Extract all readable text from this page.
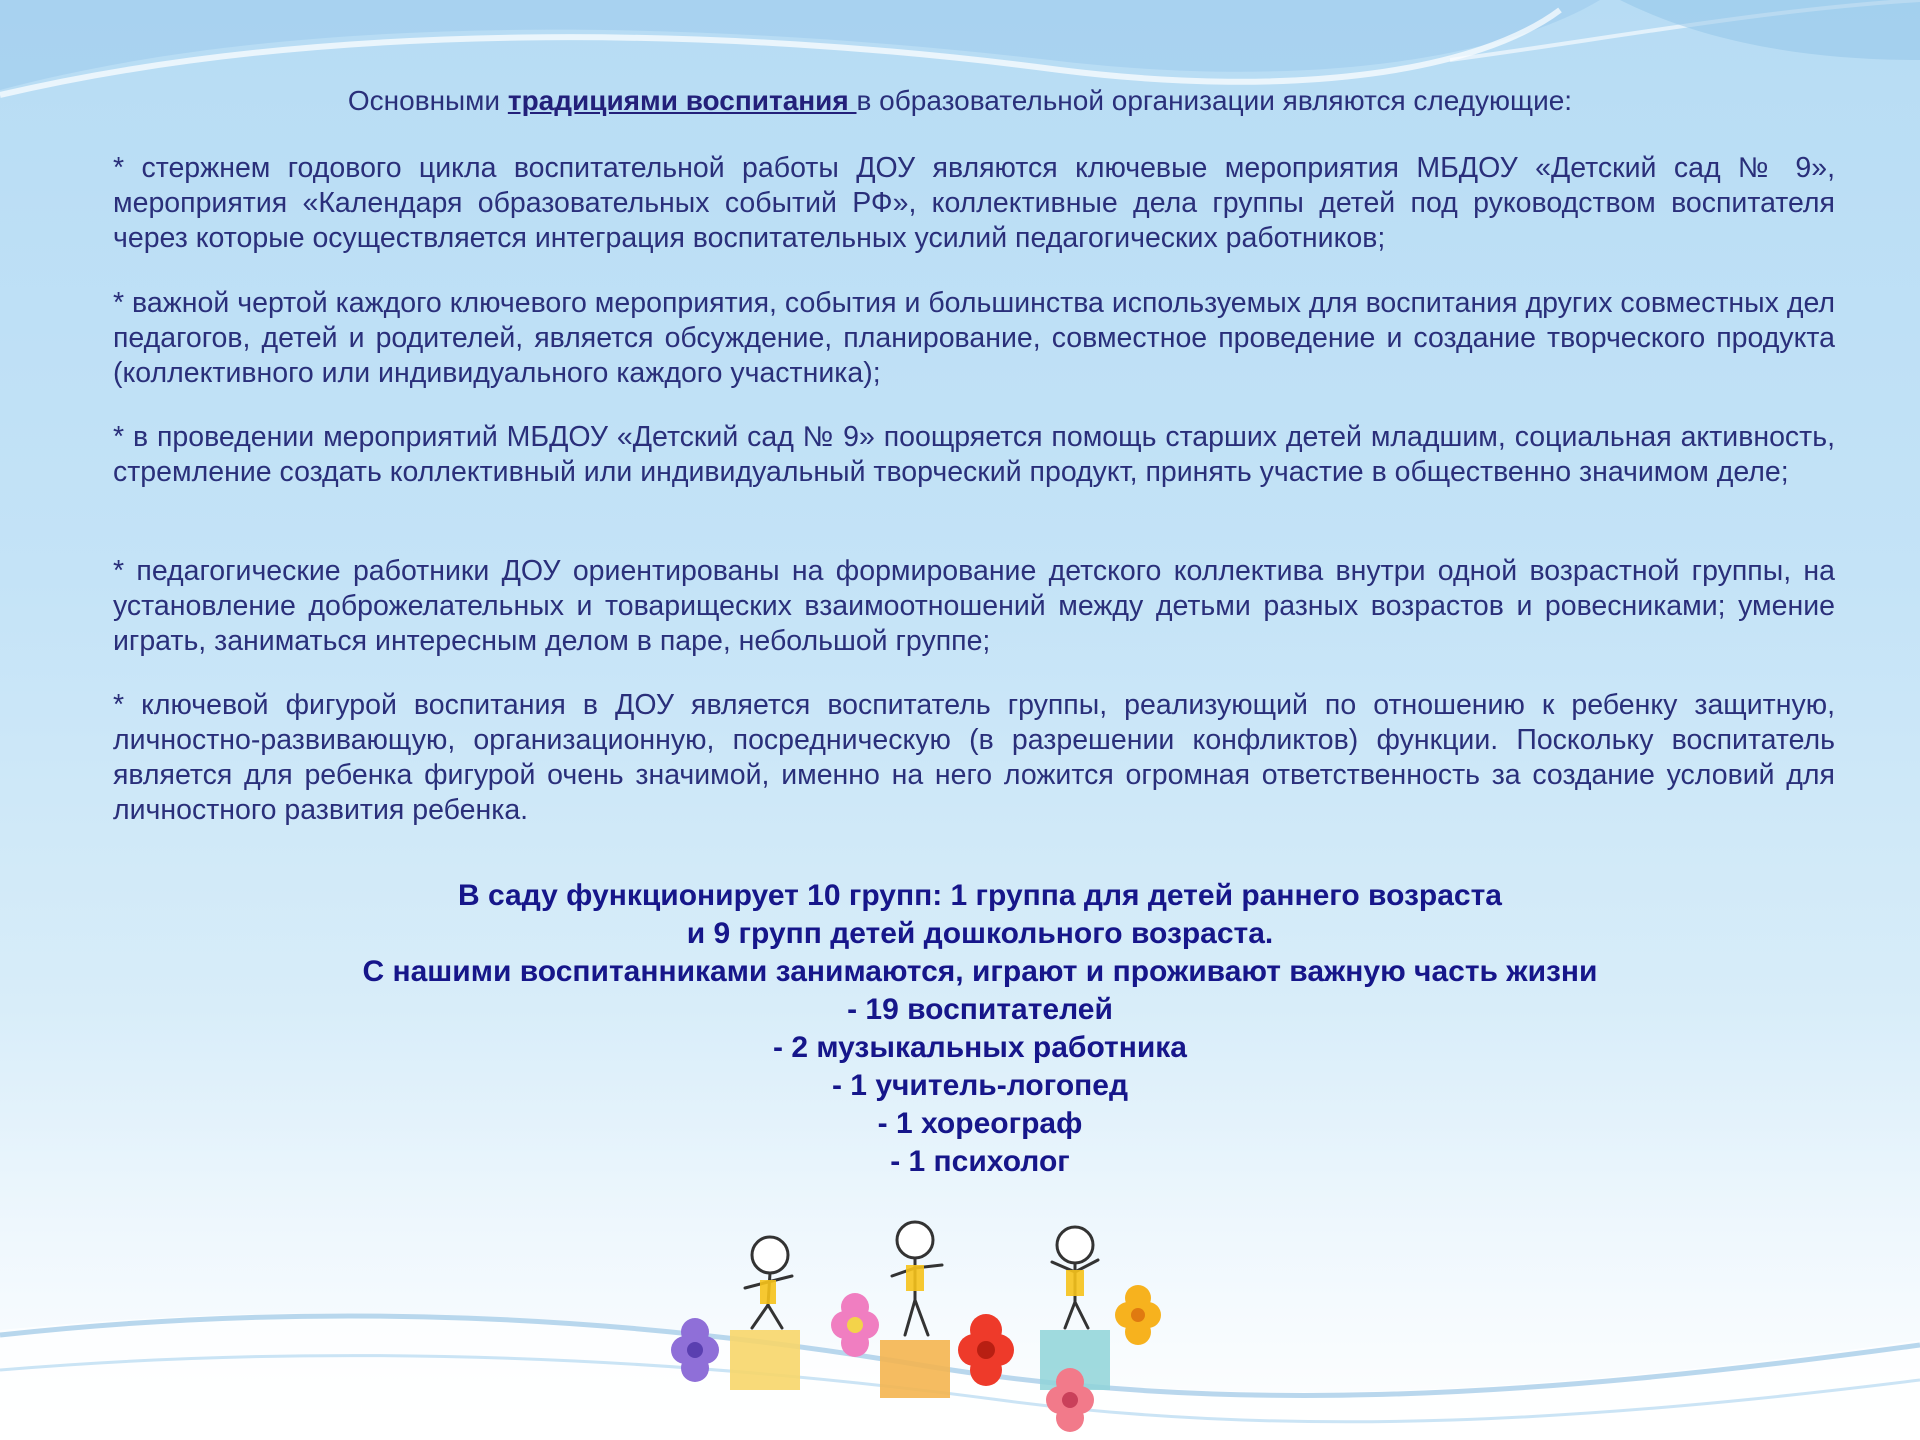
Основными традициями воспитания в образовательной организации являются следующие:

* стержнем годового цикла воспитательной работы ДОУ являются ключевые мероприятия МБДОУ «Детский сад № 9», мероприятия «Календаря образовательных событий РФ», коллективные дела группы детей под руководством воспитателя через которые осуществляется интеграция воспитательных усилий педагогических работников;

* важной чертой каждого ключевого мероприятия, события и большинства используемых для воспитания других совместных дел педагогов, детей и родителей, является обсуждение, планирование, совместное проведение и создание творческого продукта (коллективного или индивидуального каждого участника);

* в проведении мероприятий МБДОУ «Детский сад № 9» поощряется помощь старших детей младшим, социальная активность, стремление создать коллективный или индивидуальный творческий продукт, принять участие в общественно значимом деле;

* педагогические работники ДОУ ориентированы на формирование детского коллектива внутри одной возрастной группы, на установление доброжелательных и товарищеских взаимоотношений между детьми разных возрастов и ровесниками; умение играть, заниматься интересным делом в паре, небольшой группе;

* ключевой фигурой воспитания в ДОУ является воспитатель группы, реализующий по отношению к ребенку защитную, личностно-развивающую, организационную, посредническую (в разрешении конфликтов) функции. Поскольку воспитатель является для ребенка фигурой очень значимой, именно на него ложится огромная ответственность за создание условий для личностного развития ребенка.

В саду функционирует 10 групп: 1 группа для детей раннего возраста
и 9 групп детей дошкольного возраста.
С нашими воспитанниками занимаются, играют и проживают важную часть жизни
- 19 воспитателей
- 2 музыкальных работника
- 1 учитель-логопед
- 1 хореограф
- 1 психолог
http://aida.ucoz.ru
